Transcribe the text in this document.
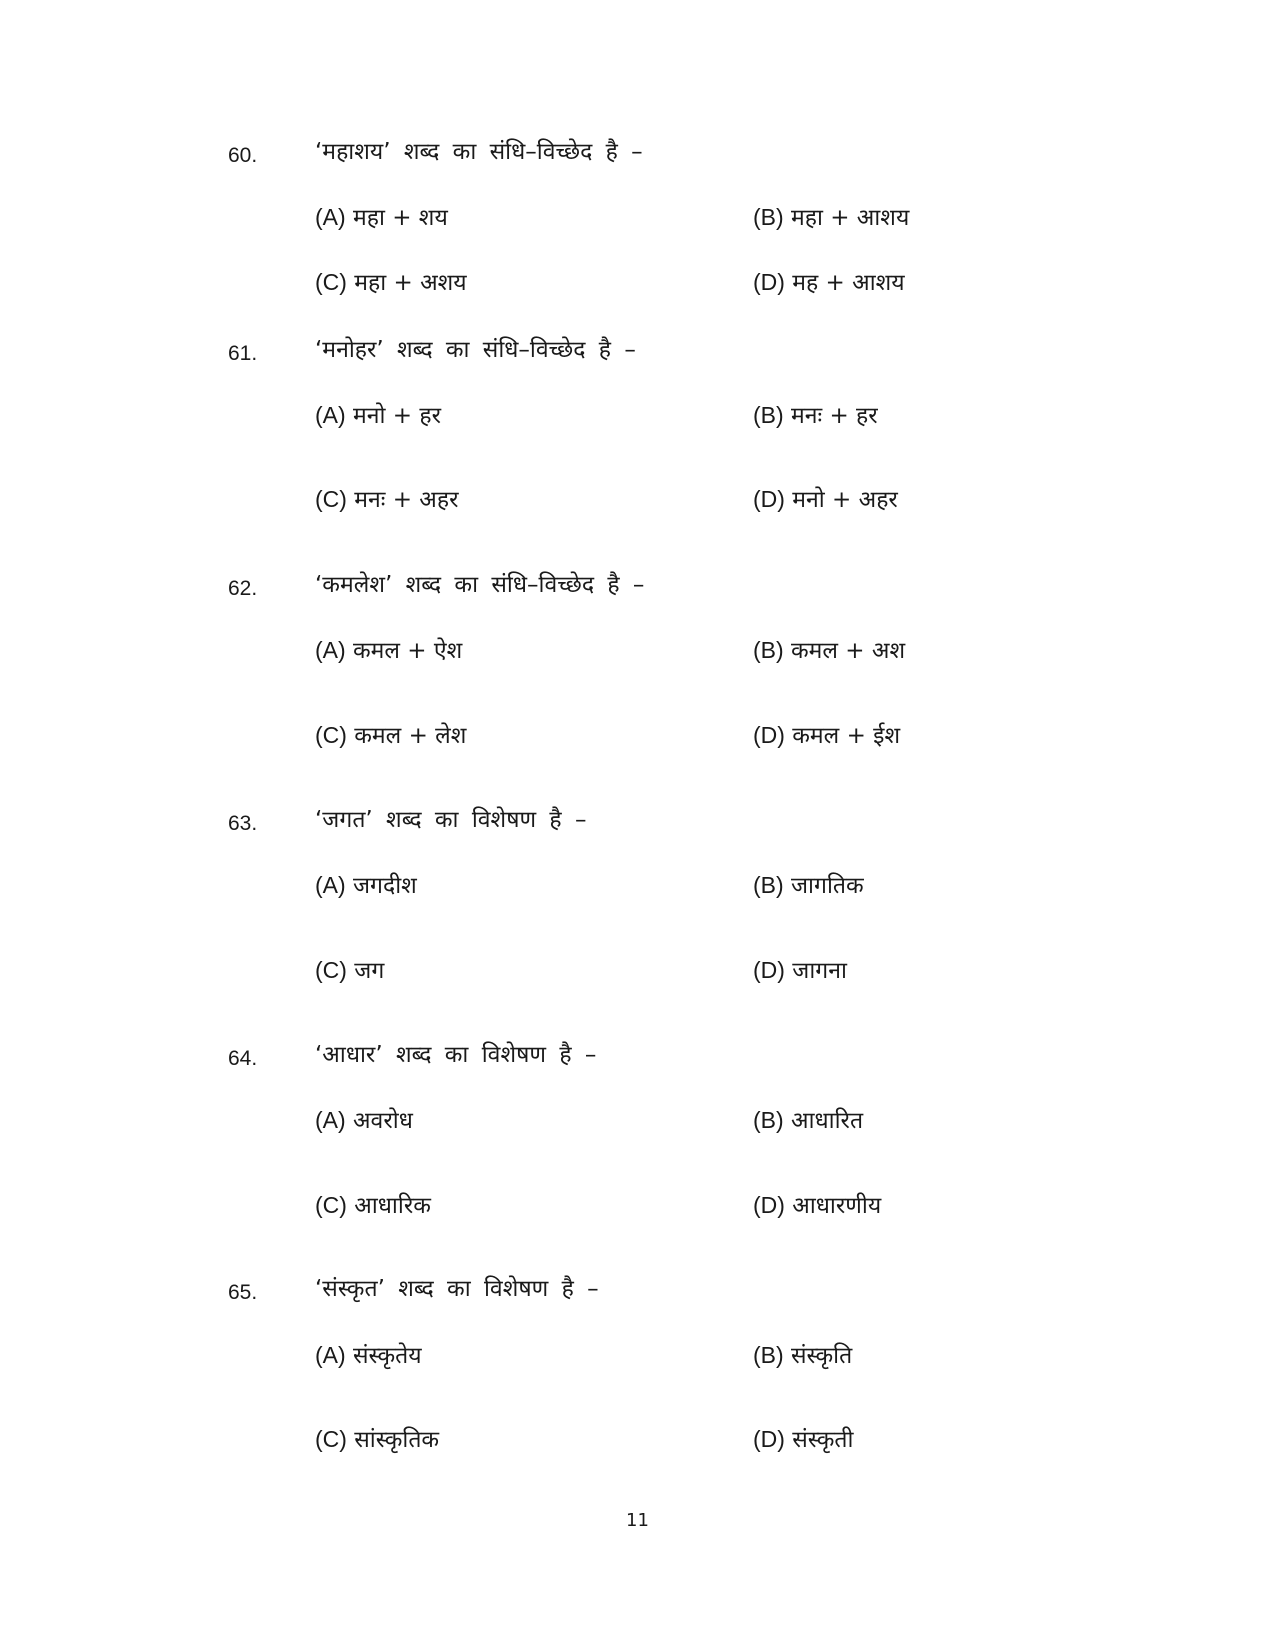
60.	‘महाशय’ शब्द का संधि–विच्छेद है –
(A) महा + शय	(B) महा + आशय
(C) महा + अशय	(D) मह + आशय
61.	‘मनोहर’ शब्द का संधि–विच्छेद है –
(A) मनो + हर	(B) मनः + हर
(C) मनः + अहर	(D) मनो + अहर
62.	‘कमलेश’ शब्द का संधि–विच्छेद है –
(A) कमल + ऐश	(B) कमल + अश
(C) कमल + लेश	(D) कमल + ईश
63.	‘जगत’ शब्द का विशेषण है –
(A) जगदीश	(B) जागतिक
(C) जग	(D) जागना
64.	‘आधार’ शब्द का विशेषण है –
(A) अवरोध	(B) आधारित
(C) आधारिक	(D) आधारणीय
65.	‘संस्कृत’ शब्द का विशेषण है –
(A) संस्कृतेय	(B) संस्कृति
(C) सांस्कृतिक	(D) संस्कृती
11
